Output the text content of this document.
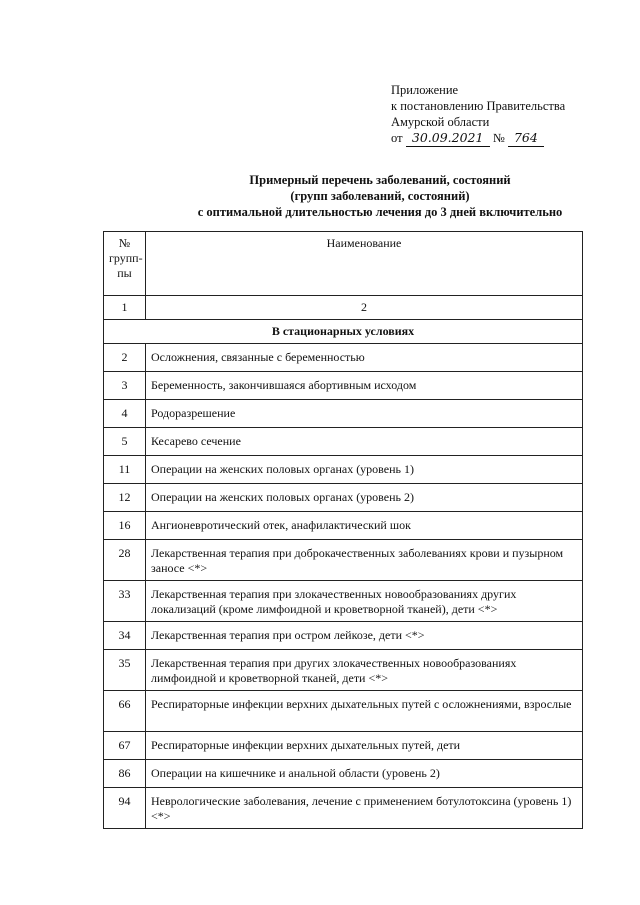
Приложение
к постановлению Правительства
Амурской области
от 30.09.2021 № 764
Примерный перечень заболеваний, состояний
(групп заболеваний, состояний)
с оптимальной длительностью лечения до 3 дней включительно
№ групп-пы	Наименование
1	2
В стационарных условиях	
2	Осложнения, связанные с беременностью
3	Беременность, закончившаяся абортивным исходом
4	Родоразрешение
5	Кесарево сечение
11	Операции на женских половых органах (уровень 1)
12	Операции на женских половых органах (уровень 2)
16	Ангионевротический отек, анафилактический шок
28	Лекарственная терапия при доброкачественных заболеваниях крови и пузырном заносе <*>
33	Лекарственная терапия при злокачественных новообразованиях других локализаций (кроме лимфоидной и кроветворной тканей), дети <*>
34	Лекарственная терапия при остром лейкозе, дети <*>
35	Лекарственная терапия при других злокачественных новообразованиях лимфоидной и кроветворной тканей, дети <*>
66	Респираторные инфекции верхних дыхательных путей с осложнениями, взрослые
67	Респираторные инфекции верхних дыхательных путей, дети
86	Операции на кишечнике и анальной области (уровень 2)
94	Неврологические заболевания, лечение с применением ботулотоксина (уровень 1) <*>
